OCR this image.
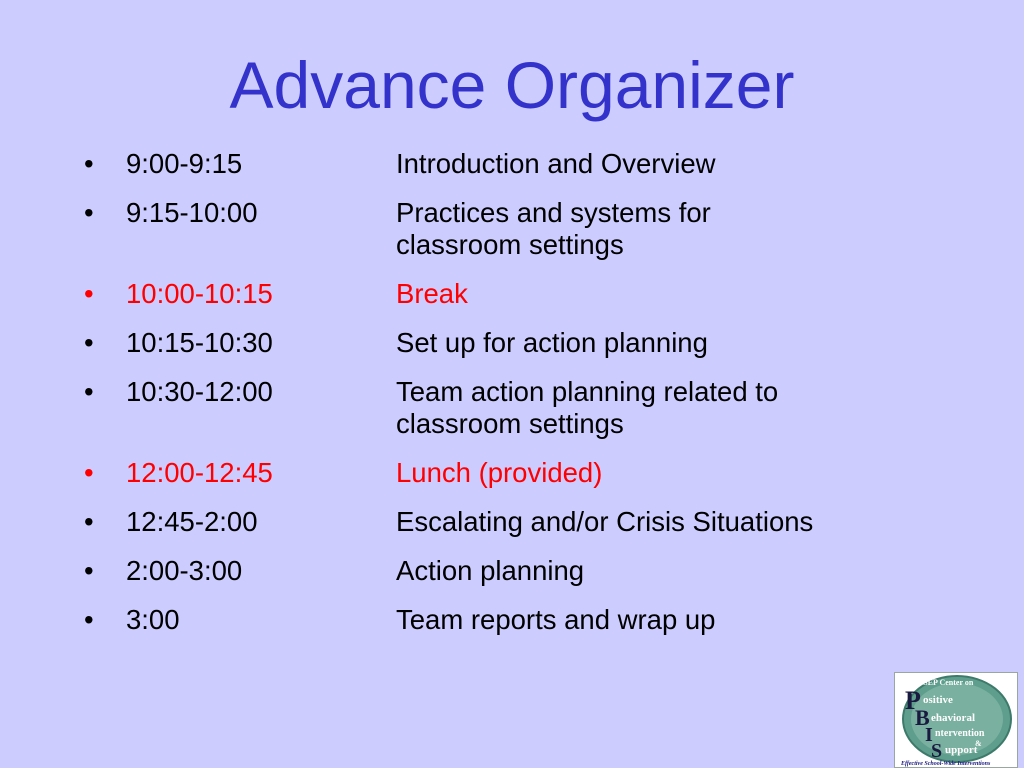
Advance Organizer
•	9:00-9:15	Introduction and Overview
•	9:15-10:00	Practices and systems for
classroom settings
•	10:00-10:15	Break
•	10:15-10:30	Set up for action planning
•	10:30-12:00	Team action planning related to
classroom settings
•	12:00-12:45	Lunch (provided)
•	12:45-2:00	Escalating and/or Crisis Situations
•	2:00-3:00	Action planning
•	3:00	Team reports and wrap up
OSEP Center on
P ositive
B ehavioral
I ntervention
&
S upport
Effective School-Wide Interventions
